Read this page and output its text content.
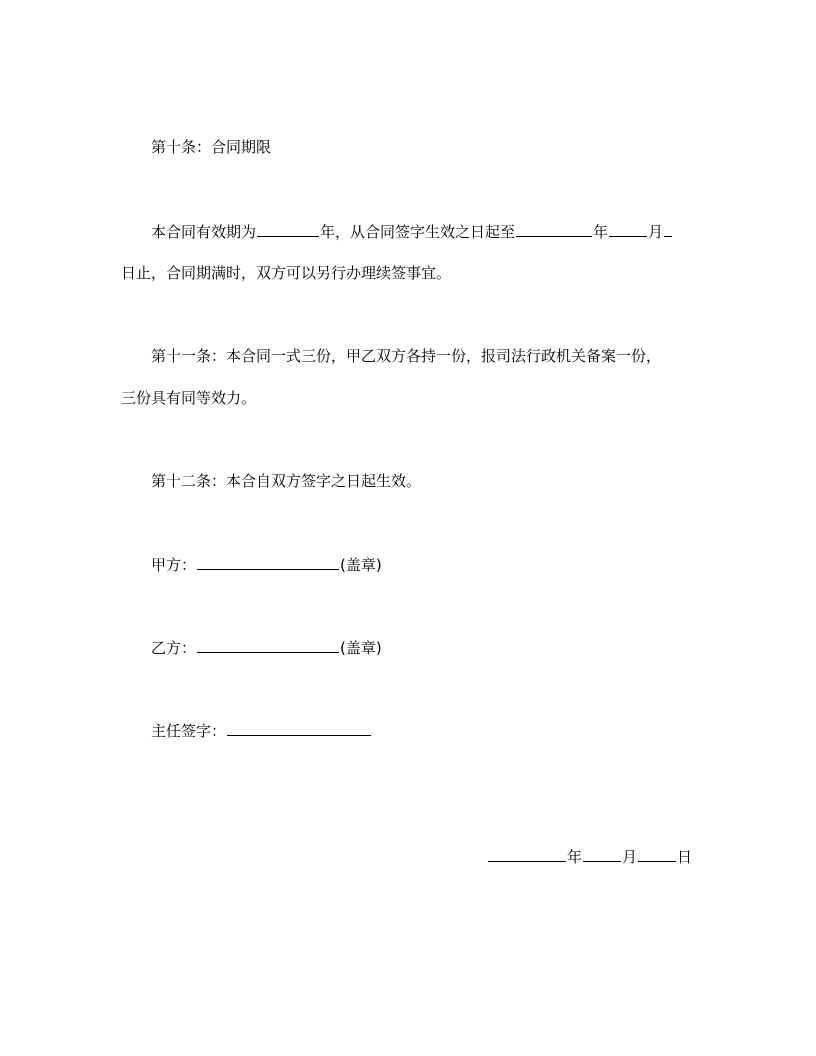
第十条：合同期限
本合同有效期为	年，从合同签字生效之日起至	年	月
日止，合同期满时，双方可以另行办理续签事宜。
第十一条：本合同一式三份，甲乙双方各持一份，报司法行政机关备案一份，
三份具有同等效力。
第十二条：本合自双方签字之日起生效。
甲方：	(盖章)
乙方：	(盖章)
主任签字：
年	月	日
